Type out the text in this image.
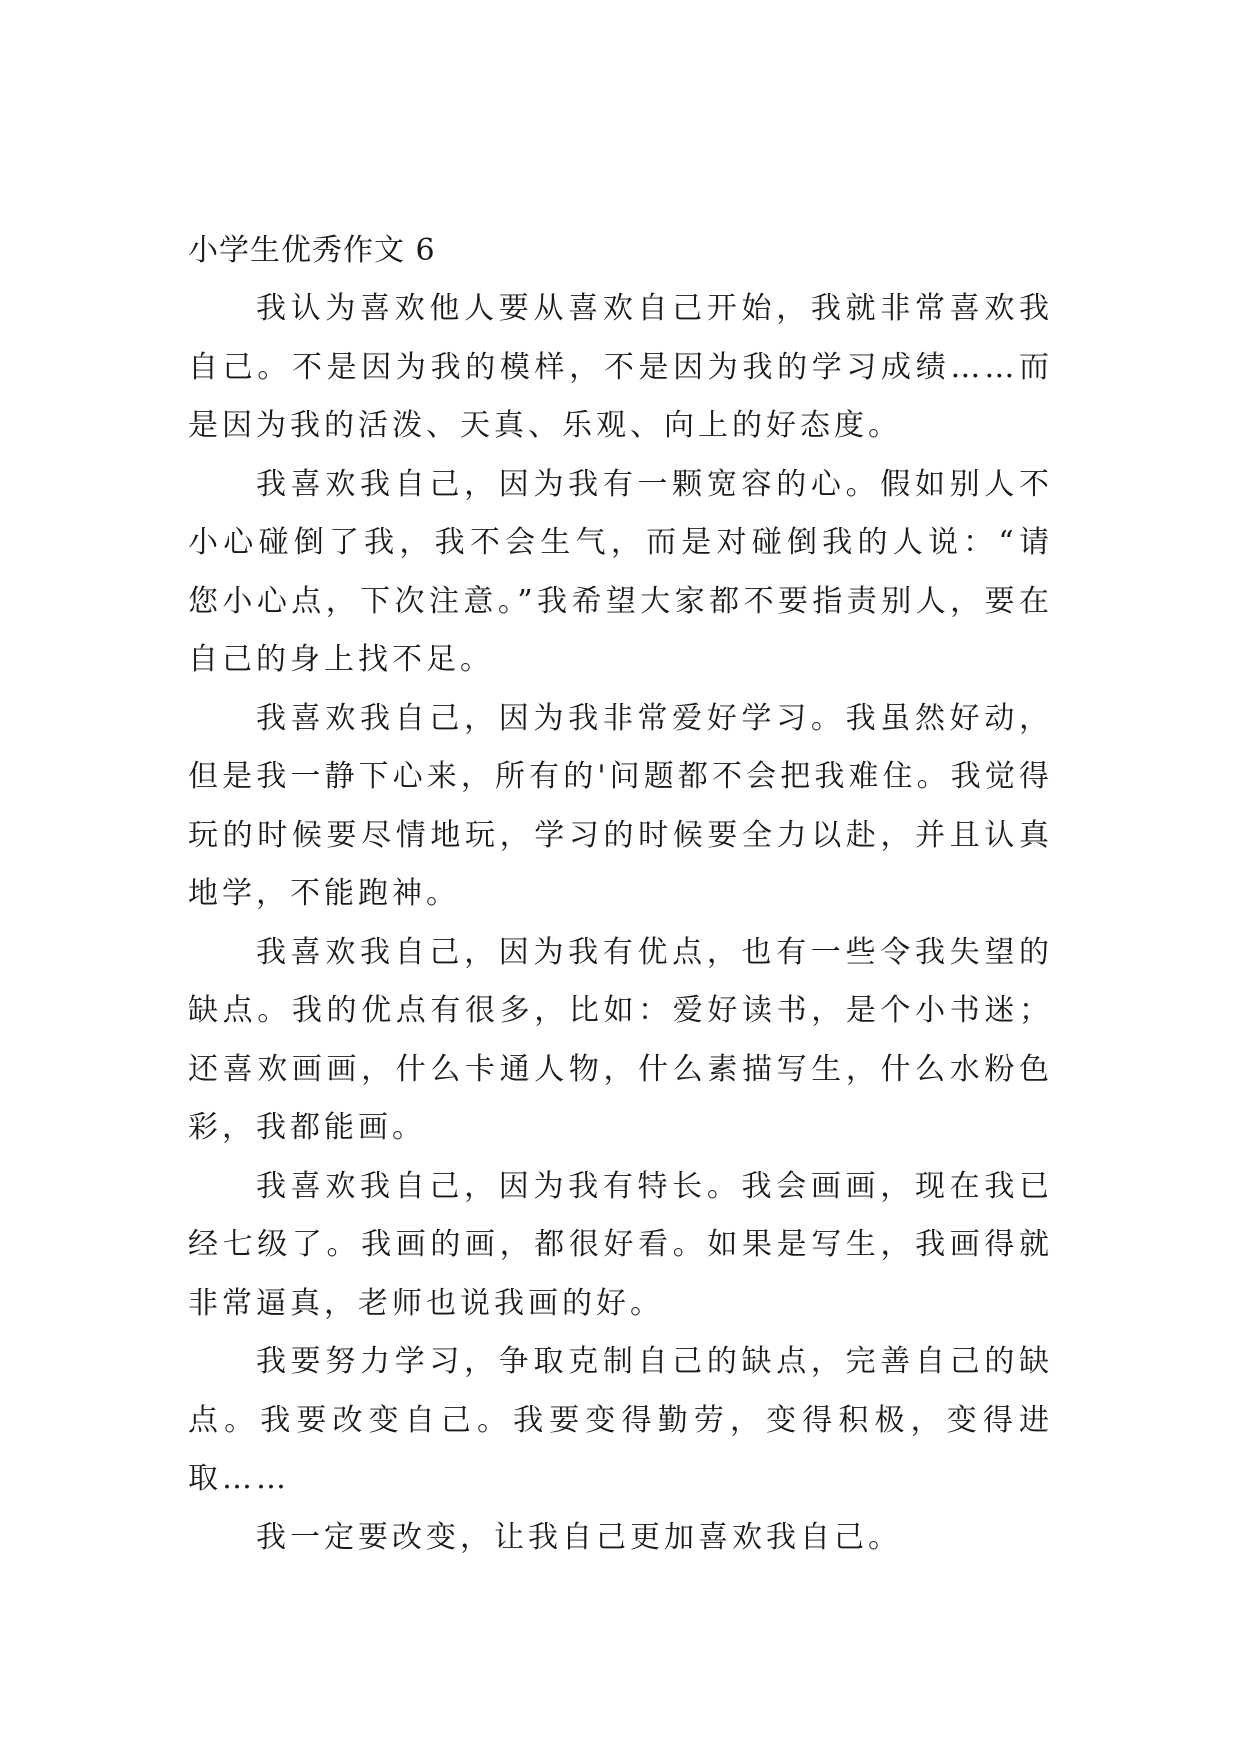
小学生优秀作文 6

我认为喜欢他人要从喜欢自己开始，我就非常喜欢我自己。不是因为我的模样，不是因为我的学习成绩……而是因为我的活泼、天真、乐观、向上的好态度。

我喜欢我自己，因为我有一颗宽容的心。假如别人不小心碰倒了我，我不会生气，而是对碰倒我的人说：“请您小心点，下次注意。”我希望大家都不要指责别人，要在自己的身上找不足。

我喜欢我自己，因为我非常爱好学习。我虽然好动，但是我一静下心来，所有的'问题都不会把我难住。我觉得玩的时候要尽情地玩，学习的时候要全力以赴，并且认真地学，不能跑神。

我喜欢我自己，因为我有优点，也有一些令我失望的缺点。我的优点有很多，比如：爱好读书，是个小书迷；还喜欢画画，什么卡通人物，什么素描写生，什么水粉色彩，我都能画。

我喜欢我自己，因为我有特长。我会画画，现在我已经七级了。我画的画，都很好看。如果是写生，我画得就非常逼真，老师也说我画的好。

我要努力学习，争取克制自己的缺点，完善自己的缺点。我要改变自己。我要变得勤劳，变得积极，变得进取……

我一定要改变，让我自己更加喜欢我自己。
